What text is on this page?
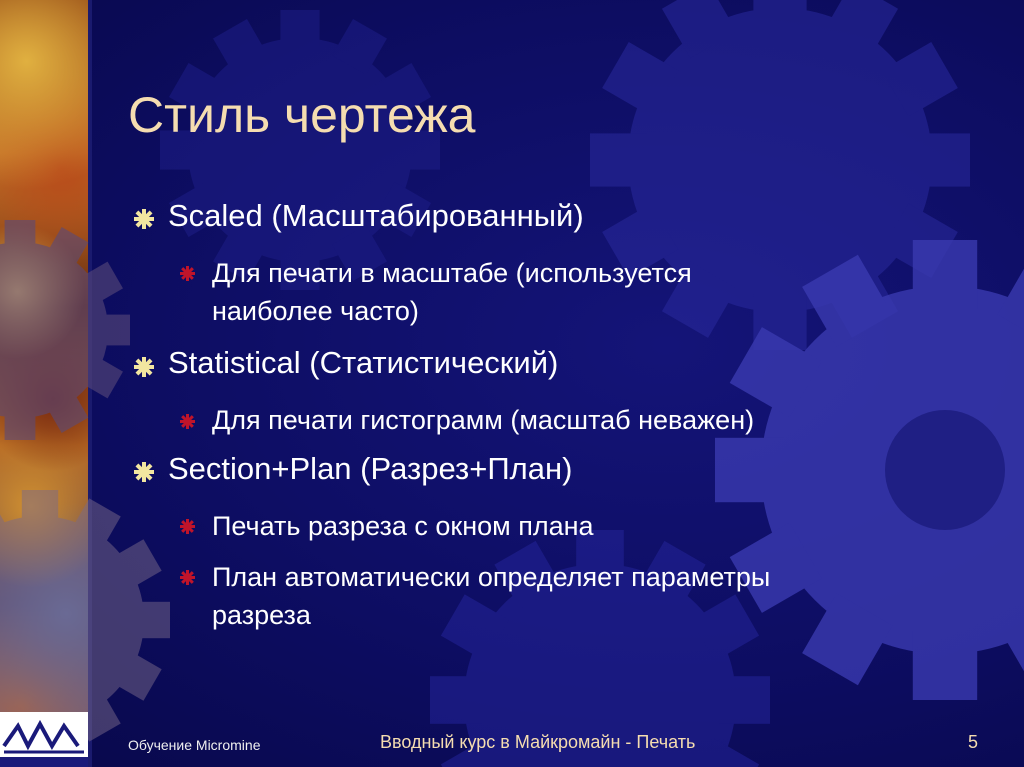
Стиль чертежа
Scaled (Масштабированный)
Для печати в масштабе (используется
наиболее часто)
Statistical (Статистический)
Для печати гистограмм (масштаб неважен)
Section+Plan (Разрез+План)
Печать разреза с окном плана
План автоматически определяет параметры
разреза
Обучение Micromine	Вводный курс в Майкромайн - Печать	5
